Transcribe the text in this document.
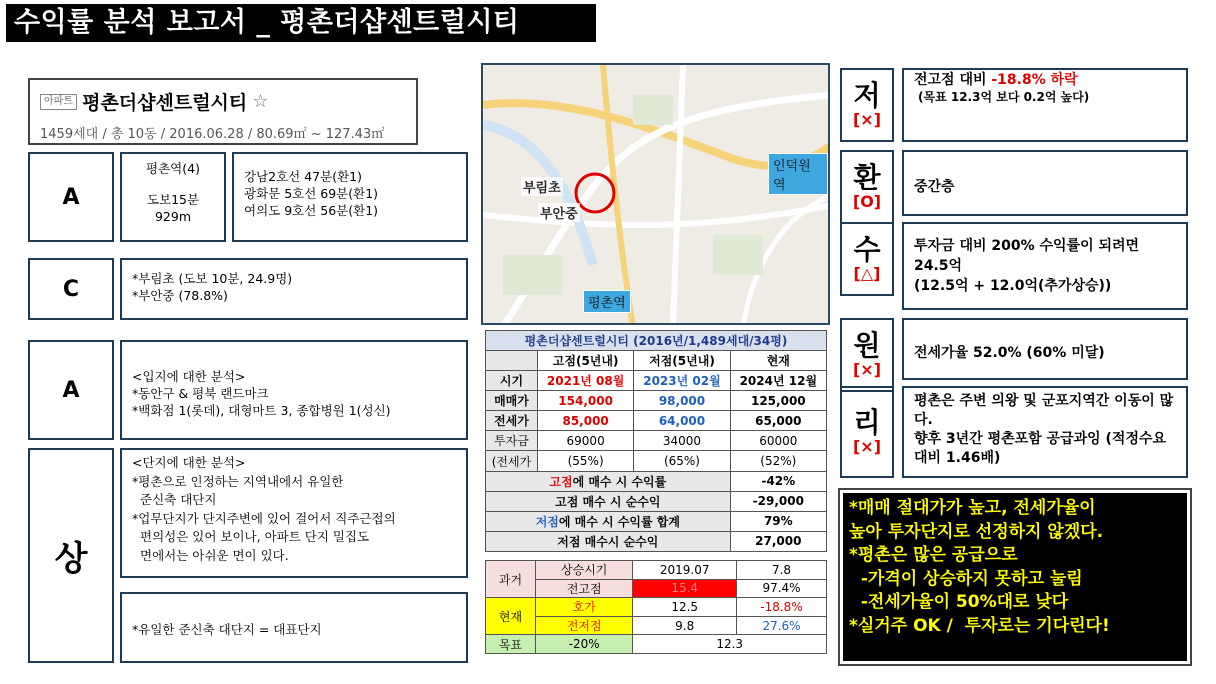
수익률 분석 보고서 _ 평촌더샵센트럴시티
아파트 평촌더샵센트럴시티 ☆
1459세대 / 총 10동 / 2016.06.28 / 80.69㎡ ~ 127.43㎡
A
평촌역(4)
도보15분
929m
강남2호선 47분(환1)
광화문 5호선 69분(환1)
여의도 9호선 56분(환1)
C	*부림초 (도보 10분, 24.9명)
*부안중 (78.8%)
A
<입지에 대한 분석>
*동안구 & 평북 랜드마크
*백화점 1(롯데), 대형마트 3, 종합병원 1(성신)
상
<단지에 대한 분석>
*평촌으로 인정하는 지역내에서 유일한
준신축 대단지
*업무단지가 단지주변에 있어 걸어서 직주근접의
편의성은 있어 보이나, 아파트 단지 밀집도
면에서는 아쉬운 면이 있다.
*유일한 준신축 대단지 = 대표단지
부림초
부안중
인덕원역
평촌역
평촌더샵센트럴시티 (2016년/1,489세대/34평)			
	고점(5년내)	저점(5년내)	현재
시기	2021년 08월	2023년 02월	2024년 12월
매매가	154,000	98,000	125,000
전세가	85,000	64,000	65,000
투자금	69000	34000	60000
(전세가	(55%)	(65%)	(52%)
고점에 매수 시 수익률			-42%
고점 매수 시 순수익			-29,000
저점에 매수 시 수익률 합계			79%
저점 매수시 순수익			27,000
과거	상승시기	2019.07	7.8
	전고점	15.4	97.4%
현재	호가	12.5	-18.8%
	전저점	9.8	27.6%
목표	-20%	12.3	
저
[×]
전고점 대비 -18.8% 하락
(목표 12.3억 보다 0.2억 높다)
환
[O]
중간층
수
[△]
투자금 대비 200% 수익률이 되려면 24.5억
(12.5억 + 12.0억(추가상승))
원
[×]
전세가율 52.0% (60% 미달)
리
[×]
평촌은 주변 의왕 및 군포지역간 이동이 많다.
향후 3년간 평촌포함 공급과잉 (적정수요대비 1.46배)
*매매 절대가가 높고, 전세가율이
높아 투자단지로 선정하지 않겠다.
*평촌은 많은 공급으로
-가격이 상승하지 못하고 눌림
-전세가율이 50%대로 낮다
*실거주 OK /  투자로는 기다린다!
